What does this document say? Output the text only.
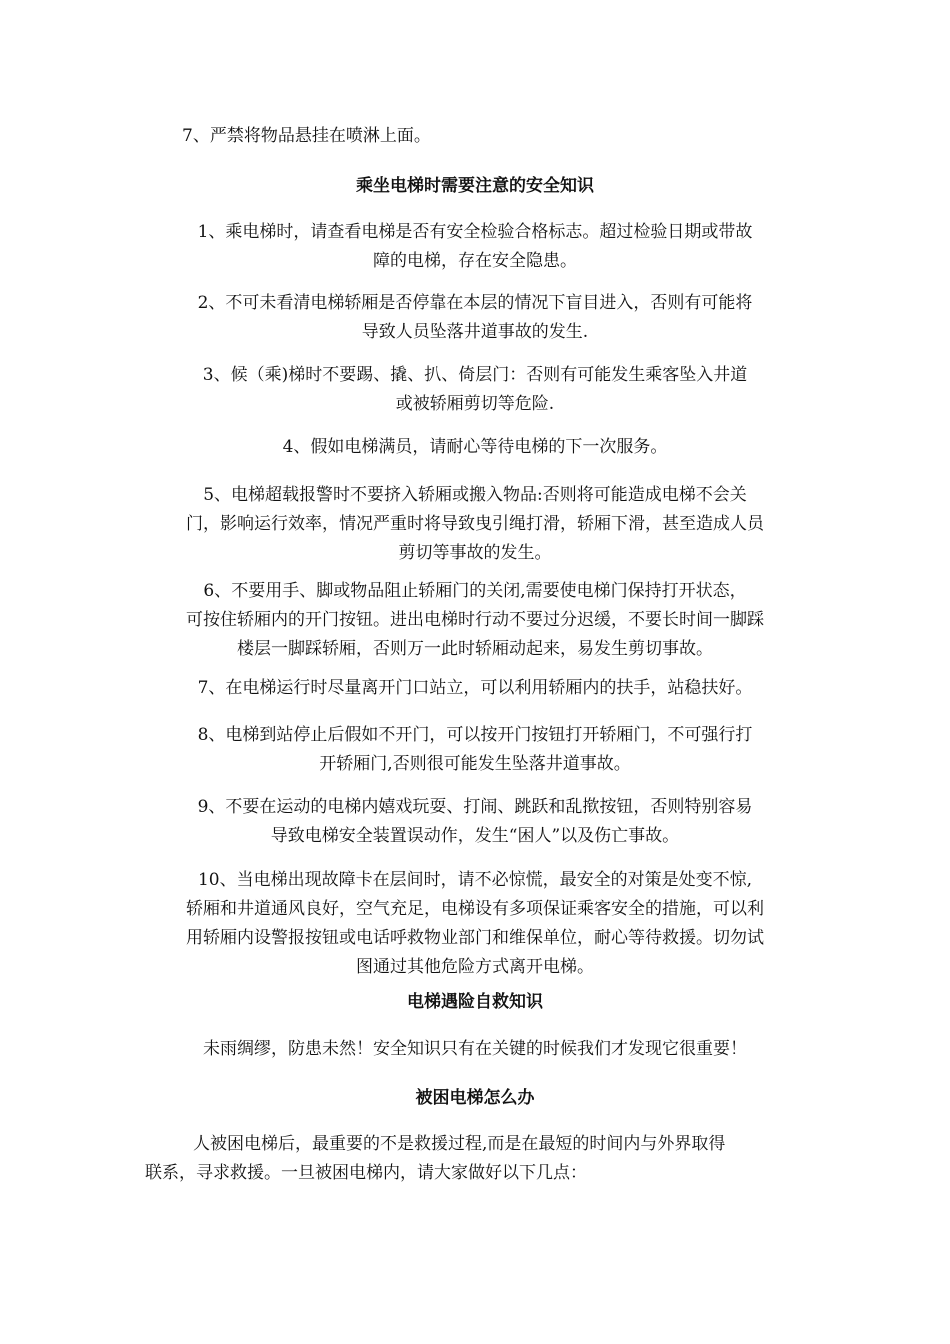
7、严禁将物品悬挂在喷淋上面。
乘坐电梯时需要注意的安全知识
1、乘电梯时，请查看电梯是否有安全检验合格标志。超过检验日期或带故
障的电梯，存在安全隐患。
2、不可未看清电梯轿厢是否停靠在本层的情况下盲目进入，否则有可能将
导致人员坠落井道事故的发生.
3、候（乘)梯时不要踢、撬、扒、倚层门：否则有可能发生乘客坠入井道
或被轿厢剪切等危险.
4、假如电梯满员，请耐心等待电梯的下一次服务。
5、电梯超载报警时不要挤入轿厢或搬入物品:否则将可能造成电梯不会关
门，影响运行效率，情况严重时将导致曳引绳打滑，轿厢下滑，甚至造成人员
剪切等事故的发生。
6、不要用手、脚或物品阻止轿厢门的关闭,需要使电梯门保持打开状态，
可按住轿厢内的开门按钮。进出电梯时行动不要过分迟缓，不要长时间一脚踩
楼层一脚踩轿厢，否则万一此时轿厢动起来，易发生剪切事故。
7、在电梯运行时尽量离开门口站立，可以利用轿厢内的扶手，站稳扶好。
8、电梯到站停止后假如不开门，可以按开门按钮打开轿厢门，不可强行打
开轿厢门,否则很可能发生坠落井道事故。
9、不要在运动的电梯内嬉戏玩耍、打闹、跳跃和乱揿按钮，否则特别容易
导致电梯安全装置误动作，发生“困人”以及伤亡事故。
10、当电梯出现故障卡在层间时，请不必惊慌，最安全的对策是处变不惊,
轿厢和井道通风良好，空气充足，电梯设有多项保证乘客安全的措施，可以利
用轿厢内设警报按钮或电话呼救物业部门和维保单位，耐心等待救援。切勿试
图通过其他危险方式离开电梯。
电梯遇险自救知识
未雨绸缪，防患未然！安全知识只有在关键的时候我们才发现它很重要！
被困电梯怎么办
人被困电梯后，最重要的不是救援过程,而是在最短的时间内与外界取得
联系，寻求救援。一旦被困电梯内，请大家做好以下几点：
